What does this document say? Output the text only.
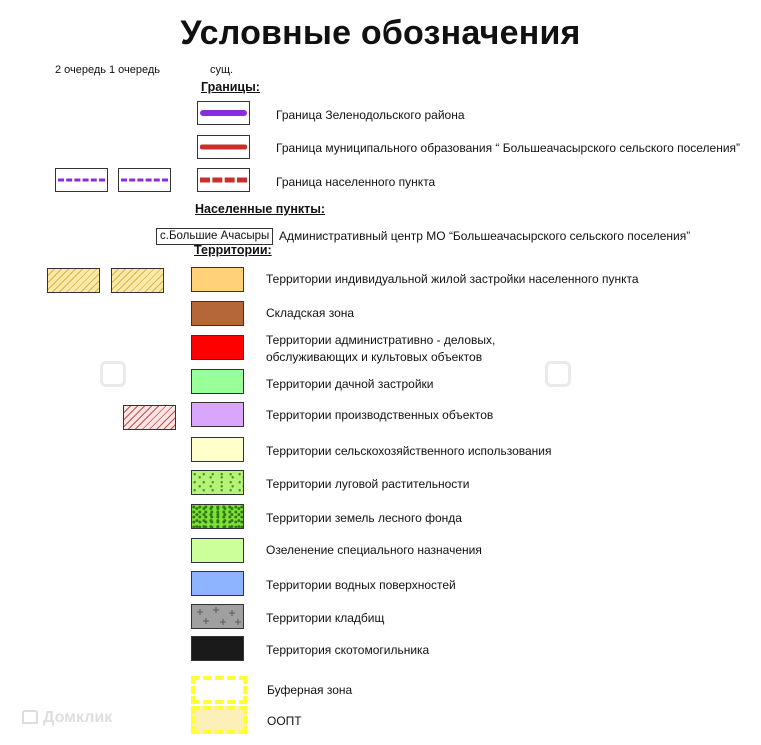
Условные обозначения
2 очередь 1 очередь	сущ.
Границы:
Граница Зеленодольского района
Граница муниципального образования “ Большеачасырского сельского поселения”
Граница населенного пункта
Населенные пункты:
с.Большие Ачасыры Административный центр МО “Большеачасырского сельского поселения”
Территории:
Территории индивидуальной жилой застройки населенного пункта
Складская зона
Территории административно - деловых,
обслуживающих и культовых объектов
Территории дачной застройки
Территории производственных объектов
Территории сельскохозяйственного использования
Территории луговой растительности
Территории земель лесного фонда
Озеленение специального назначения
Территории водных поверхностей
Территории кладбищ
Территория скотомогильника
Буферная зона
ООПТ
Домклик
